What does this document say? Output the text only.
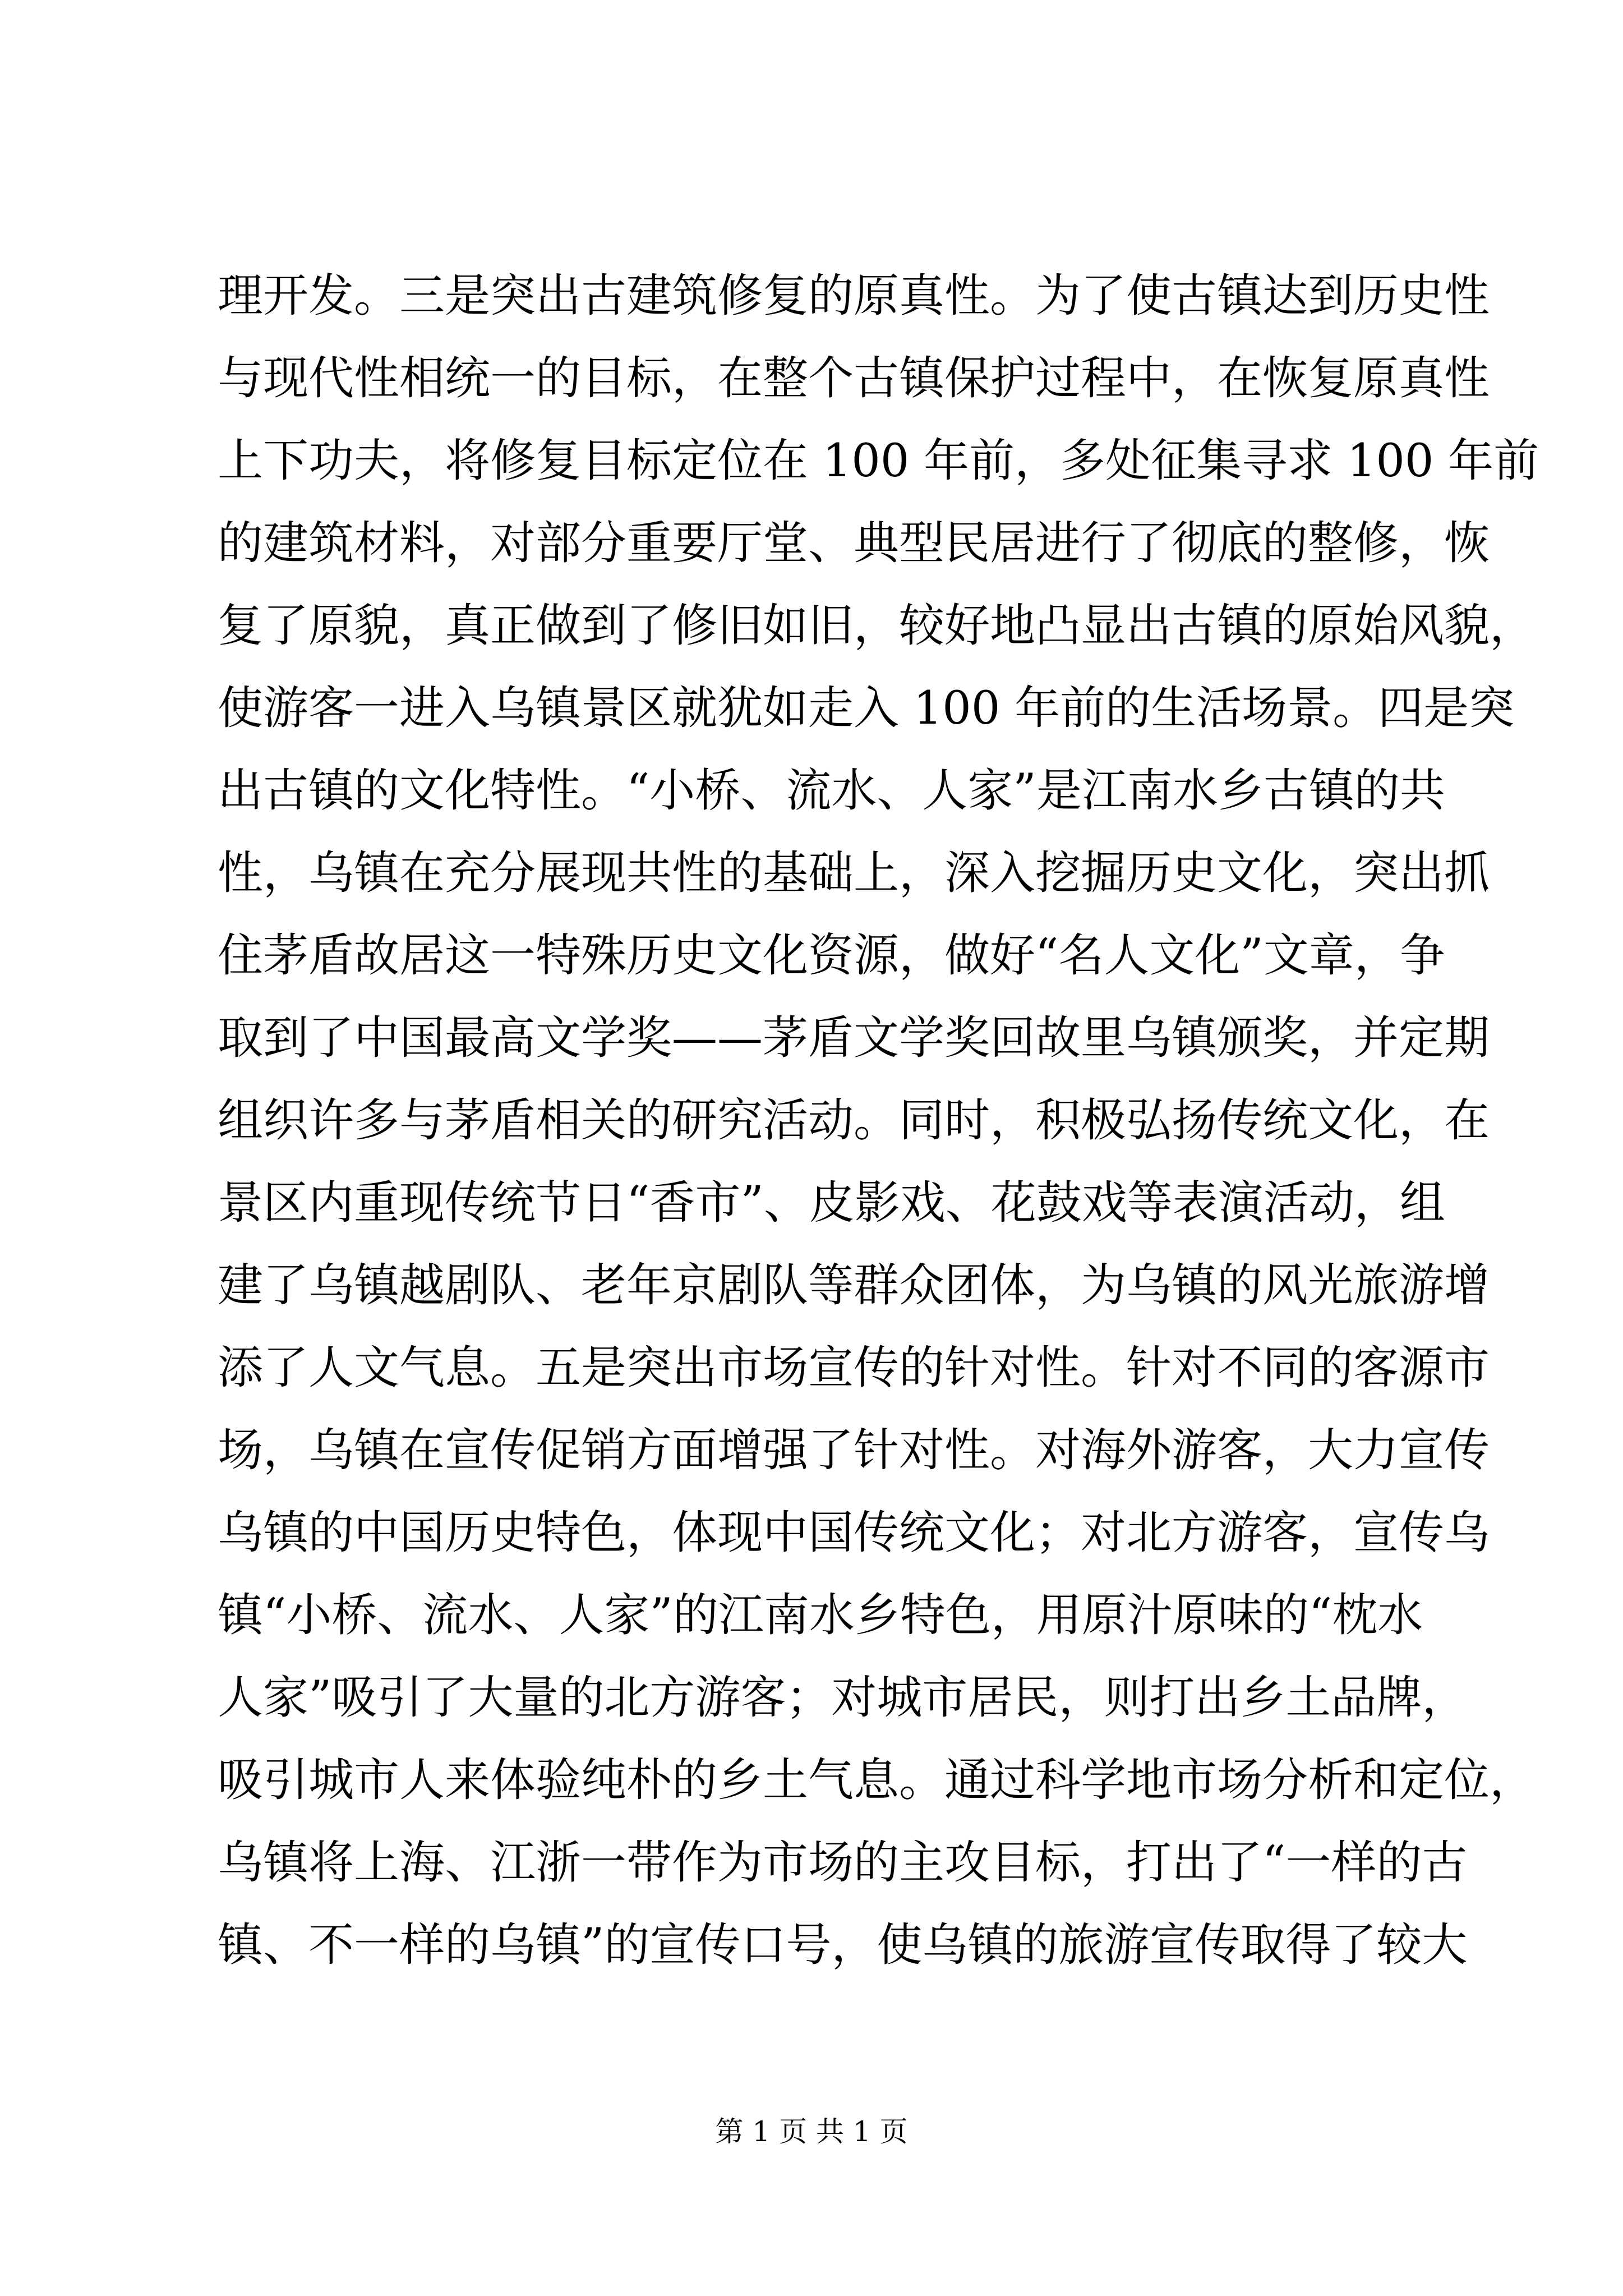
理开发。三是突出古建筑修复的原真性。为了使古镇达到历史性
与现代性相统一的目标，在整个古镇保护过程中，在恢复原真性
上下功夫，将修复目标定位在 100 年前，多处征集寻求 100 年前
的建筑材料，对部分重要厅堂、典型民居进行了彻底的整修，恢
复了原貌，真正做到了修旧如旧，较好地凸显出古镇的原始风貌，
使游客一进入乌镇景区就犹如走入 100 年前的生活场景。四是突
出古镇的文化特性。“小桥、流水、人家”是江南水乡古镇的共
性，乌镇在充分展现共性的基础上，深入挖掘历史文化，突出抓
住茅盾故居这一特殊历史文化资源，做好“名人文化”文章，争
取到了中国最高文学奖——茅盾文学奖回故里乌镇颁奖，并定期
组织许多与茅盾相关的研究活动。同时，积极弘扬传统文化，在
景区内重现传统节日“香市”、皮影戏、花鼓戏等表演活动，组
建了乌镇越剧队、老年京剧队等群众团体，为乌镇的风光旅游增
添了人文气息。五是突出市场宣传的针对性。针对不同的客源市
场，乌镇在宣传促销方面增强了针对性。对海外游客，大力宣传
乌镇的中国历史特色，体现中国传统文化；对北方游客，宣传乌
镇“小桥、流水、人家”的江南水乡特色，用原汁原味的“枕水
人家”吸引了大量的北方游客；对城市居民，则打出乡土品牌，
吸引城市人来体验纯朴的乡土气息。通过科学地市场分析和定位，
乌镇将上海、江浙一带作为市场的主攻目标，打出了“一样的古
镇、不一样的乌镇”的宣传口号，使乌镇的旅游宣传取得了较大
第 1 页 共 1 页
